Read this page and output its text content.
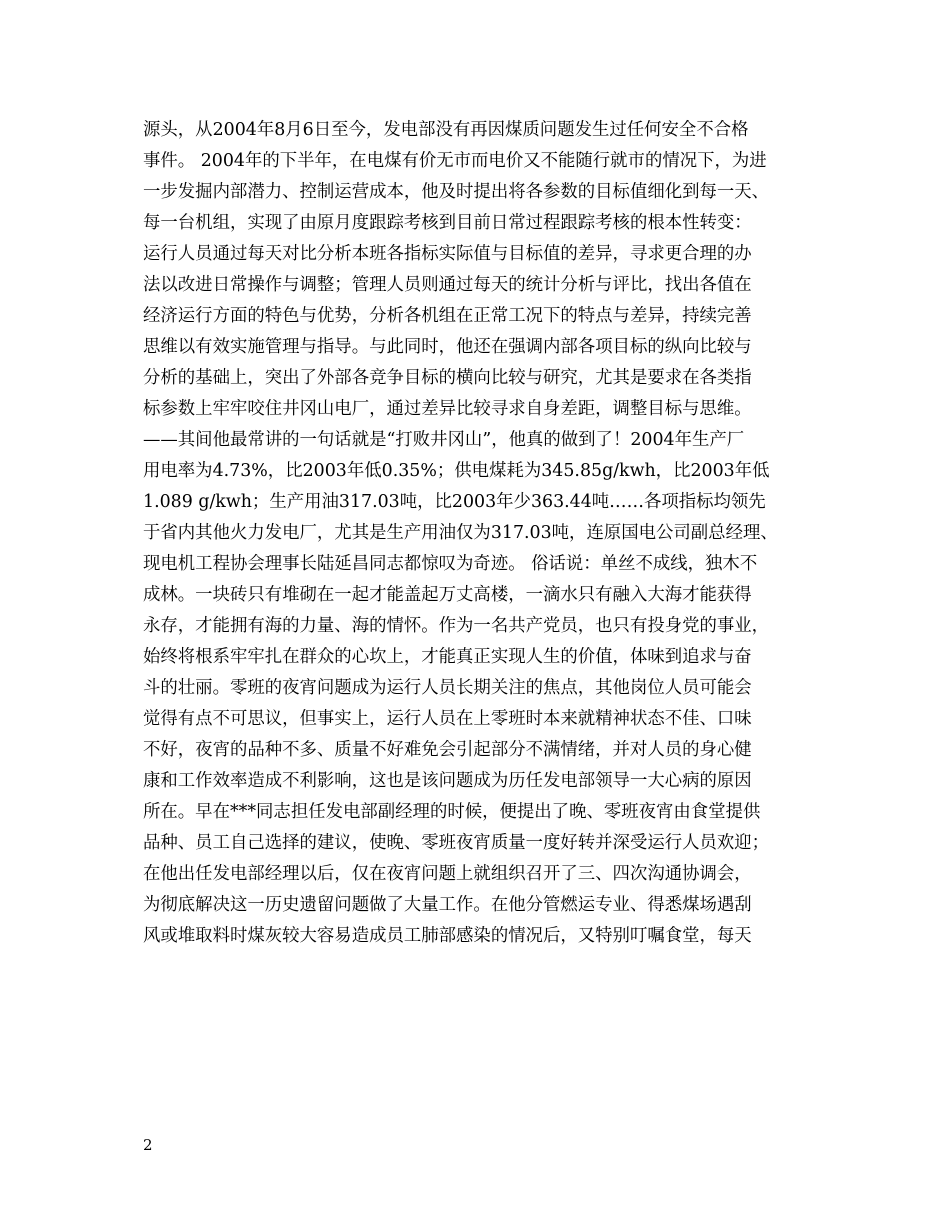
源头，从2004年8月6日至今，发电部没有再因煤质问题发生过任何安全不合格
事件。 2004年的下半年，在电煤有价无市而电价又不能随行就市的情况下，为进
一步发掘内部潜力、控制运营成本，他及时提出将各参数的目标值细化到每一天、
每一台机组，实现了由原月度跟踪考核到目前日常过程跟踪考核的根本性转变：
运行人员通过每天对比分析本班各指标实际值与目标值的差异，寻求更合理的办
法以改进日常操作与调整；管理人员则通过每天的统计分析与评比，找出各值在
经济运行方面的特色与优势，分析各机组在正常工况下的特点与差异，持续完善
思维以有效实施管理与指导。与此同时，他还在强调内部各项目标的纵向比较与
分析的基础上，突出了外部各竞争目标的横向比较与研究，尤其是要求在各类指
标参数上牢牢咬住井冈山电厂，通过差异比较寻求自身差距，调整目标与思维。
——其间他最常讲的一句话就是“打败井冈山”，他真的做到了！2004年生产厂
用电率为4.73%，比2003年低0.35%；供电煤耗为345.85g/kwh，比2003年低
1.089 g/kwh；生产用油317.03吨，比2003年少363.44吨……各项指标均领先
于省内其他火力发电厂，尤其是生产用油仅为317.03吨，连原国电公司副总经理、
现电机工程协会理事长陆延昌同志都惊叹为奇迹。 俗话说：单丝不成线，独木不
成林。一块砖只有堆砌在一起才能盖起万丈高楼，一滴水只有融入大海才能获得
永存，才能拥有海的力量、海的情怀。作为一名共产党员，也只有投身党的事业，
始终将根系牢牢扎在群众的心坎上，才能真正实现人生的价值，体味到追求与奋
斗的壮丽。零班的夜宵问题成为运行人员长期关注的焦点，其他岗位人员可能会
觉得有点不可思议，但事实上，运行人员在上零班时本来就精神状态不佳、口味
不好，夜宵的品种不多、质量不好难免会引起部分不满情绪，并对人员的身心健
康和工作效率造成不利影响，这也是该问题成为历任发电部领导一大心病的原因
所在。早在***同志担任发电部副经理的时候，便提出了晚、零班夜宵由食堂提供
品种、员工自己选择的建议，使晚、零班夜宵质量一度好转并深受运行人员欢迎；
在他出任发电部经理以后，仅在夜宵问题上就组织召开了三、四次沟通协调会，
为彻底解决这一历史遗留问题做了大量工作。在他分管燃运专业、得悉煤场遇刮
风或堆取料时煤灰较大容易造成员工肺部感染的情况后，又特别叮嘱食堂，每天
2
